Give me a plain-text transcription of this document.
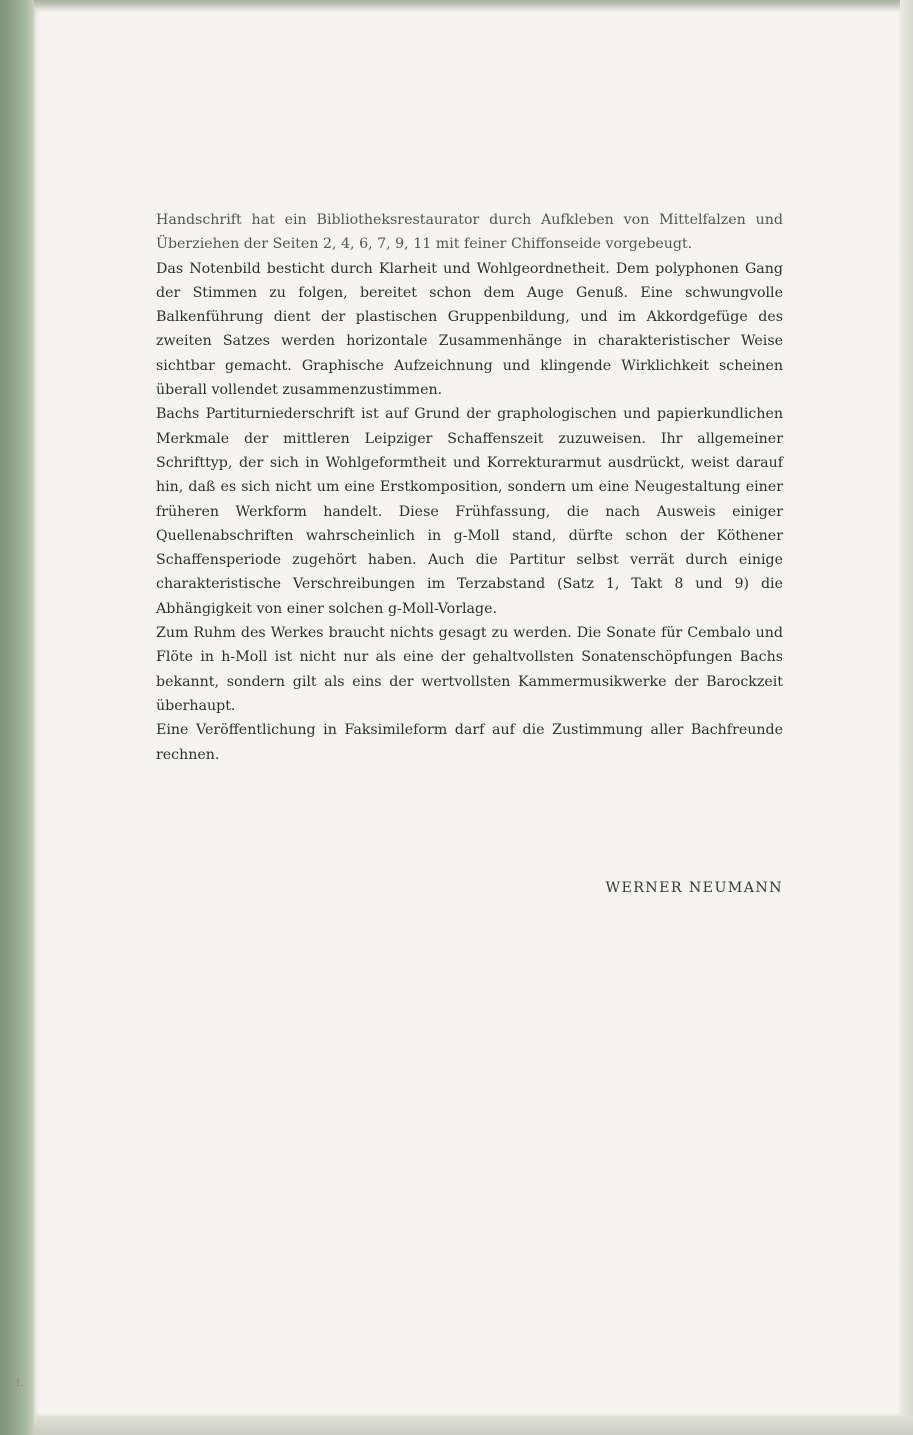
Handschrift hat ein Bibliotheksrestaurator durch Aufkleben von Mittelfalzen und Überziehen der Seiten 2, 4, 6, 7, 9, 11 mit feiner Chiffonseide vorgebeugt.

Das Notenbild besticht durch Klarheit und Wohlgeordnetheit. Dem polyphonen Gang der Stimmen zu folgen, bereitet schon dem Auge Genuß. Eine schwungvolle Balkenführung dient der plastischen Gruppenbildung, und im Akkordgefüge des zweiten Satzes werden horizontale Zusammenhänge in charakteristischer Weise sichtbar gemacht. Graphische Aufzeichnung und klingende Wirklichkeit scheinen überall vollendet zusammenzustimmen.

Bachs Partiturniederschrift ist auf Grund der graphologischen und papierkundlichen Merkmale der mittleren Leipziger Schaffenszeit zuzuweisen. Ihr allgemeiner Schrifttyp, der sich in Wohlgeformtheit und Korrekturarmut ausdrückt, weist darauf hin, daß es sich nicht um eine Erstkomposition, sondern um eine Neugestaltung einer früheren Werkform handelt. Diese Frühfassung, die nach Ausweis einiger Quellenabschriften wahrscheinlich in g-Moll stand, dürfte schon der Köthener Schaffensperiode zugehört haben. Auch die Partitur selbst verrät durch einige charakteristische Verschreibungen im Terzabstand (Satz 1, Takt 8 und 9) die Abhängigkeit von einer solchen g-Moll-Vorlage.

Zum Ruhm des Werkes braucht nichts gesagt zu werden. Die Sonate für Cembalo und Flöte in h-Moll ist nicht nur als eine der gehaltvollsten Sonatenschöpfungen Bachs bekannt, sondern gilt als eins der wertvollsten Kammermusikwerke der Barockzeit überhaupt.

Eine Veröffentlichung in Faksimileform darf auf die Zustimmung aller Bachfreunde rechnen.

WERNER NEUMANN
L
